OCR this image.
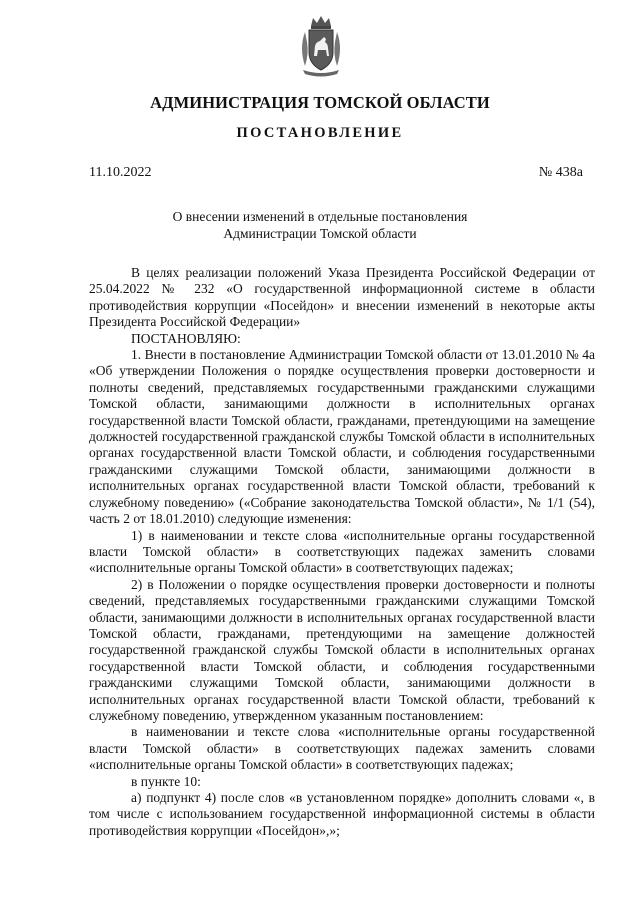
АДМИНИСТРАЦИЯ ТОМСКОЙ ОБЛАСТИ
ПОСТАНОВЛЕНИЕ
11.10.2022	№ 438а
О внесении изменений в отдельные постановления
Администрации Томской области

В целях реализации положений Указа Президента Российской Федерации от 25.04.2022 № 232 «О государственной информационной системе в области противодействия коррупции «Посейдон» и внесении изменений в некоторые акты Президента Российской Федерации»

ПОСТАНОВЛЯЮ:

1. Внести в постановление Администрации Томской области от 13.01.2010 № 4а «Об утверждении Положения о порядке осуществления проверки достоверности и полноты сведений, представляемых государственными гражданскими служащими Томской области, занимающими должности в исполнительных органах государственной власти Томской области, гражданами, претендующими на замещение должностей государственной гражданской службы Томской области в исполнительных органах государственной власти Томской области, и соблюдения государственными гражданскими служащими Томской области, занимающими должности в исполнительных органах государственной власти Томской области, требований к служебному поведению» («Собрание законодательства Томской области», № 1/1 (54), часть 2 от 18.01.2010) следующие изменения:

1) в наименовании и тексте слова «исполнительные органы государственной власти Томской области» в соответствующих падежах заменить словами «исполнительные органы Томской области» в соответствующих падежах;

2) в Положении о порядке осуществления проверки достоверности и полноты сведений, представляемых государственными гражданскими служащими Томской области, занимающими должности в исполнительных органах государственной власти Томской области, гражданами, претендующими на замещение должностей государственной гражданской службы Томской области в исполнительных органах государственной власти Томской области, и соблюдения государственными гражданскими служащими Томской области, занимающими должности в исполнительных органах государственной власти Томской области, требований к служебному поведению, утвержденном указанным постановлением:

в наименовании и тексте слова «исполнительные органы государственной власти Томской области» в соответствующих падежах заменить словами «исполнительные органы Томской области» в соответствующих падежах;

в пункте 10:

а) подпункт 4) после слов «в установленном порядке» дополнить словами «, в том числе с использованием государственной информационной системы в области противодействия коррупции «Посейдон»,»;
